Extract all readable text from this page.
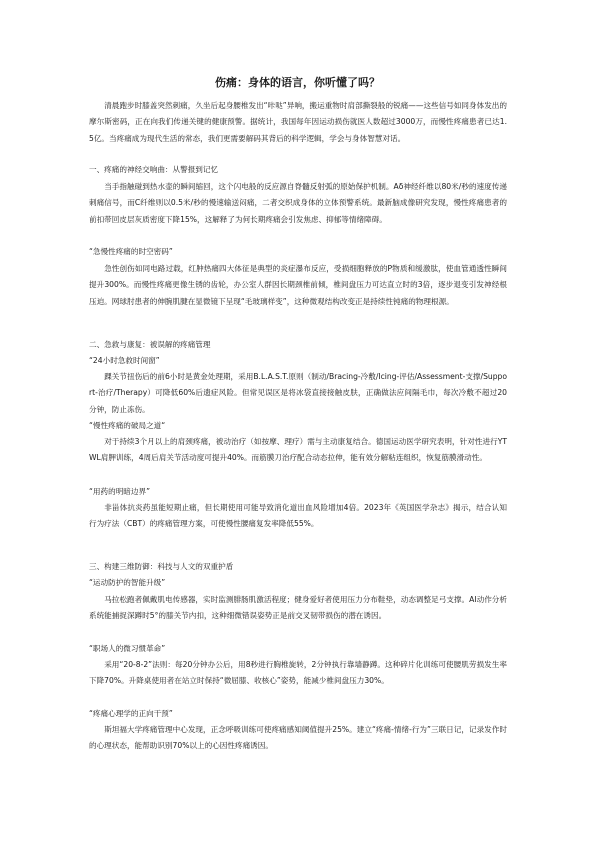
伤痛：身体的语言，你听懂了吗？
清晨跑步时膝盖突然刺痛，久坐后起身腰椎发出“咔哒”异响，搬运重物时肩部撕裂般的锐痛——这些信号如同身体发出的摩尔斯密码，正在向我们传递关键的健康预警。据统计，我国每年因运动损伤就医人数超过3000万，而慢性疼痛患者已达1.5亿。当疼痛成为现代生活的常态，我们更需要解码其背后的科学逻辑，学会与身体智慧对话。
一、疼痛的神经交响曲：从警报到记忆
当手指触碰到热水壶的瞬间缩回，这个闪电般的反应源自脊髓反射弧的原始保护机制。Aδ神经纤维以80米/秒的速度传递刺痛信号，而C纤维则以0.5米/秒的慢速输送闷痛，二者交织成身体的立体预警系统。最新脑成像研究发现，慢性疼痛患者的前扣带回皮层灰质密度下降15%，这解释了为何长期疼痛会引发焦虑、抑郁等情绪障碍。
“急慢性疼痛的时空密码”
急性创伤如同电路过载，红肿热痛四大体征是典型的炎症瀑布反应，受损细胞释放的P物质和缓激肽，使血管通透性瞬间提升300%。而慢性疼痛更像生锈的齿轮，办公室人群因长期颈椎前倾，椎间盘压力可达直立时的3倍，逐步退变引发神经根压迫。网球肘患者的伸腕肌腱在显微镜下呈现“毛玻璃样变”，这种微观结构改变正是持续性钝痛的物理根源。
二、急救与康复：被误解的疼痛管理
“24小时急救时间窗”
踝关节扭伤后的前6小时是黄金处理期，采用B.L.A.S.T.原则（制动/Bracing-冷敷/Icing-评估/Assessment-支撑/Support-治疗/Therapy）可降低60%后遗症风险。但常见误区是将冰袋直接接触皮肤，正确做法应间隔毛巾，每次冷敷不超过20分钟，防止冻伤。
“慢性疼痛的破局之道“
对于持续3个月以上的肩颈疼痛，被动治疗（如按摩、理疗）需与主动康复结合。德国运动医学研究表明，针对性进行YTWL肩胛训练，4周后肩关节活动度可提升40%。而筋膜刀治疗配合动态拉伸，能有效分解粘连组织，恢复筋膜滑动性。
“用药的明暗边界”
非甾体抗炎药虽能短期止痛，但长期使用可能导致消化道出血风险增加4倍。2023年《英国医学杂志》揭示，结合认知行为疗法（CBT）的疼痛管理方案，可使慢性腰痛复发率降低55%。
三、构建三维防御：科技与人文的双重护盾
“运动防护的智能升级”
马拉松跑者佩戴肌电传感器，实时监测腓肠肌激活程度；健身爱好者使用压力分布鞋垫，动态调整足弓支撑。AI动作分析系统能捕捉深蹲时5°的膝关节内扣，这种细微错误姿势正是前交叉韧带损伤的潜在诱因。
“职场人的微习惯革命”
采用“20-8-2”法则：每20分钟办公后，用8秒进行胸椎旋转，2分钟执行靠墙静蹲。这种碎片化训练可使腰肌劳损发生率下降70%。升降桌使用者在站立时保持“微屈膝、收核心”姿势，能减少椎间盘压力30%。
“疼痛心理学的正向干预”
斯坦福大学疼痛管理中心发现，正念呼吸训练可使疼痛感知阈值提升25%。建立“疼痛-情绪-行为”三联日记，记录发作时的心理状态，能帮助识别70%以上的心因性疼痛诱因。
